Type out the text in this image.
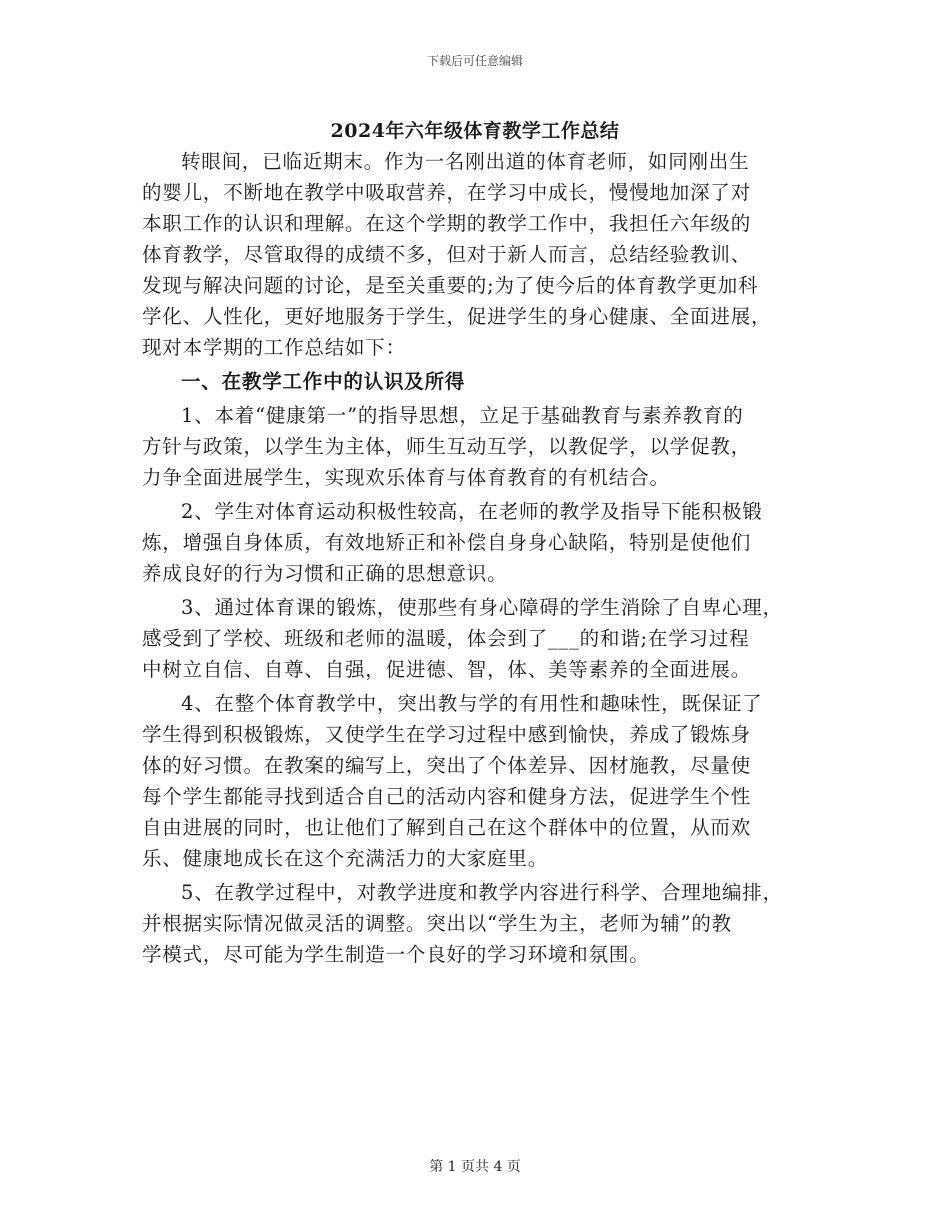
下载后可任意编辑
2024年六年级体育教学工作总结
转眼间，已临近期末。作为一名刚出道的体育老师，如同刚出生
的婴儿，不断地在教学中吸取营养，在学习中成长，慢慢地加深了对
本职工作的认识和理解。在这个学期的教学工作中，我担任六年级的
体育教学，尽管取得的成绩不多，但对于新人而言，总结经验教训、
发现与解决问题的讨论，是至关重要的;为了使今后的体育教学更加科
学化、人性化，更好地服务于学生，促进学生的身心健康、全面进展，
现对本学期的工作总结如下：
一、在教学工作中的认识及所得
1、本着“健康第一”的指导思想，立足于基础教育与素养教育的
方针与政策，以学生为主体，师生互动互学，以教促学，以学促教，
力争全面进展学生，实现欢乐体育与体育教育的有机结合。
2、学生对体育运动积极性较高，在老师的教学及指导下能积极锻
炼，增强自身体质，有效地矫正和补偿自身身心缺陷，特别是使他们
养成良好的行为习惯和正确的思想意识。
3、通过体育课的锻炼，使那些有身心障碍的学生消除了自卑心理，
感受到了学校、班级和老师的温暖，体会到了___的和谐;在学习过程
中树立自信、自尊、自强，促进德、智，体、美等素养的全面进展。
4、在整个体育教学中，突出教与学的有用性和趣味性，既保证了
学生得到积极锻炼，又使学生在学习过程中感到愉快，养成了锻炼身
体的好习惯。在教案的编写上，突出了个体差异、因材施教，尽量使
每个学生都能寻找到适合自己的活动内容和健身方法，促进学生个性
自由进展的同时，也让他们了解到自己在这个群体中的位置，从而欢
乐、健康地成长在这个充满活力的大家庭里。
5、在教学过程中，对教学进度和教学内容进行科学、合理地编排，
并根据实际情况做灵活的调整。突出以“学生为主，老师为辅”的教
学模式，尽可能为学生制造一个良好的学习环境和氛围。
第 1 页共 4 页
